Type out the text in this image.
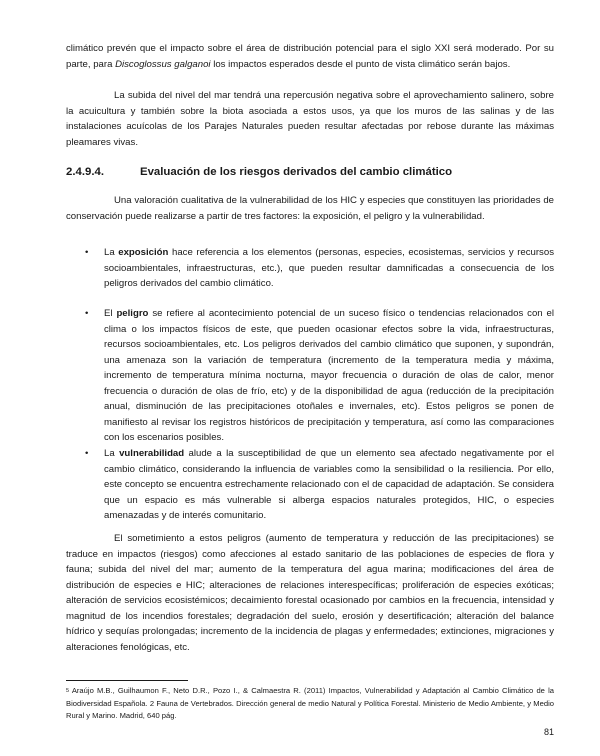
climático prevén que el impacto sobre el área de distribución potencial para el siglo XXI será moderado. Por su parte, para Discoglossus galganoi los impactos esperados desde el punto de vista climático serán bajos.

La subida del nivel del mar tendrá una repercusión negativa sobre el aprovechamiento salinero, sobre la acuicultura y también sobre la biota asociada a estos usos, ya que los muros de las salinas y de las instalaciones acuícolas de los Parajes Naturales pueden resultar afectadas por rebose durante las máximas pleamares vivas.

2.4.9.4.	Evaluación de los riesgos derivados del cambio climático

Una valoración cualitativa de la vulnerabilidad de los HIC y especies que constituyen las prioridades de conservación puede realizarse a partir de tres factores: la exposición, el peligro y la vulnerabilidad.

• La exposición hace referencia a los elementos (personas, especies, ecosistemas, servicios y recursos socioambientales, infraestructuras, etc.), que pueden resultar damnificadas a consecuencia de los peligros derivados del cambio climático.

• El peligro se refiere al acontecimiento potencial de un suceso físico o tendencias relacionados con el clima o los impactos físicos de este, que pueden ocasionar efectos sobre la vida, infraestructuras, recursos socioambientales, etc. Los peligros derivados del cambio climático que suponen, y supondrán, una amenaza son la variación de temperatura (incremento de la temperatura media y máxima, incremento de temperatura mínima nocturna, mayor frecuencia o duración de olas de calor, menor frecuencia o duración de olas de frío, etc) y de la disponibilidad de agua (reducción de la precipitación anual, disminución de las precipitaciones otoñales e invernales, etc). Estos peligros se ponen de manifiesto al revisar los registros históricos de precipitación y temperatura, así como las comparaciones con los escenarios posibles.

• La vulnerabilidad alude a la susceptibilidad de que un elemento sea afectado negativamente por el cambio climático, considerando la influencia de variables como la sensibilidad o la resiliencia. Por ello, este concepto se encuentra estrechamente relacionado con el de capacidad de adaptación. Se considera que un espacio es más vulnerable si alberga espacios naturales protegidos, HIC, o especies amenazadas y de interés comunitario.

El sometimiento a estos peligros (aumento de temperatura y reducción de las precipitaciones) se traduce en impactos (riesgos) como afecciones al estado sanitario de las poblaciones de especies de flora y fauna; subida del nivel del mar; aumento de la temperatura del agua marina; modificaciones del área de distribución de especies e HIC; alteraciones de relaciones interespecíficas; proliferación de especies exóticas; alteración de servicios ecosistémicos; decaimiento forestal ocasionado por cambios en la frecuencia, intensidad y magnitud de los incendios forestales; degradación del suelo, erosión y desertificación; alteración del balance hídrico y sequías prolongadas; incremento de la incidencia de plagas y enfermedades; extinciones, migraciones y alteraciones fenológicas, etc.

$^5$ Araújo M.B., Guilhaumon F., Neto D.R., Pozo I., & Calmaestra R. (2011) Impactos, Vulnerabilidad y Adaptación al Cambio Climático de la Biodiversidad Española. 2 Fauna de Vertebrados. Dirección general de medio Natural y Política Forestal. Ministerio de Medio Ambiente, y Medio Rural y Marino. Madrid, 640 pág.

81
